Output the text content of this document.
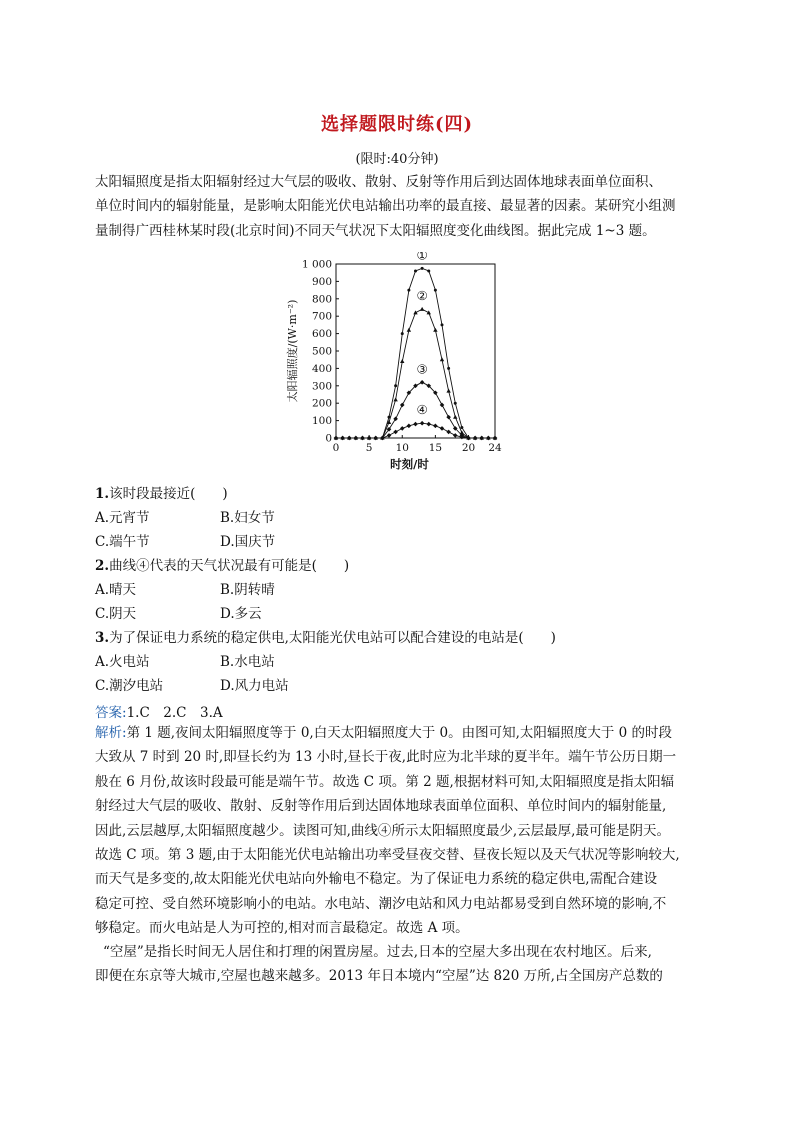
选择题限时练(四)
(限时:40分钟)
太阳辐照度是指太阳辐射经过大气层的吸收、散射、反射等作用后到达固体地球表面单位面积、
单位时间内的辐射能量，是影响太阳能光伏电站输出功率的最直接、最显著的因素。某研究小组测
量制得广西桂林某时段(北京时间)不同天气状况下太阳辐照度变化曲线图。据此完成 1~3 题。
0
100
200
300
400
500
600
700
800
900
1 000
0	5 10 15 20 24
时刻/时
太阳辐照度/(W·m⁻²)
①
②
③
④
1.该时段最接近(　　)
A.元宵节	B.妇女节
C.端午节	D.国庆节
2.曲线④代表的天气状况最有可能是(　　)
A.晴天	B.阴转晴
C.阴天	D.多云
3.为了保证电力系统的稳定供电,太阳能光伏电站可以配合建设的电站是(　　)
A.火电站	B.水电站
C.潮汐电站	D.风力电站
答案:1.C　2.C　3.A
解析:第 1 题,夜间太阳辐照度等于 0,白天太阳辐照度大于 0。由图可知,太阳辐照度大于 0 的时段
大致从 7 时到 20 时,即昼长约为 13 小时,昼长于夜,此时应为北半球的夏半年。端午节公历日期一
般在 6 月份,故该时段最可能是端午节。故选 C 项。第 2 题,根据材料可知,太阳辐照度是指太阳辐
射经过大气层的吸收、散射、反射等作用后到达固体地球表面单位面积、单位时间内的辐射能量,
因此,云层越厚,太阳辐照度越少。读图可知,曲线④所示太阳辐照度最少,云层最厚,最可能是阴天。
故选 C 项。第 3 题,由于太阳能光伏电站输出功率受昼夜交替、昼夜长短以及天气状况等影响较大,
而天气是多变的,故太阳能光伏电站向外输电不稳定。为了保证电力系统的稳定供电,需配合建设
稳定可控、受自然环境影响小的电站。水电站、潮汐电站和风力电站都易受到自然环境的影响,不
够稳定。而火电站是人为可控的,相对而言最稳定。故选 A 项。
“空屋”是指长时间无人居住和打理的闲置房屋。过去,日本的空屋大多出现在农村地区。后来,
即便在东京等大城市,空屋也越来越多。2013 年日本境内“空屋”达 820 万所,占全国房产总数的
